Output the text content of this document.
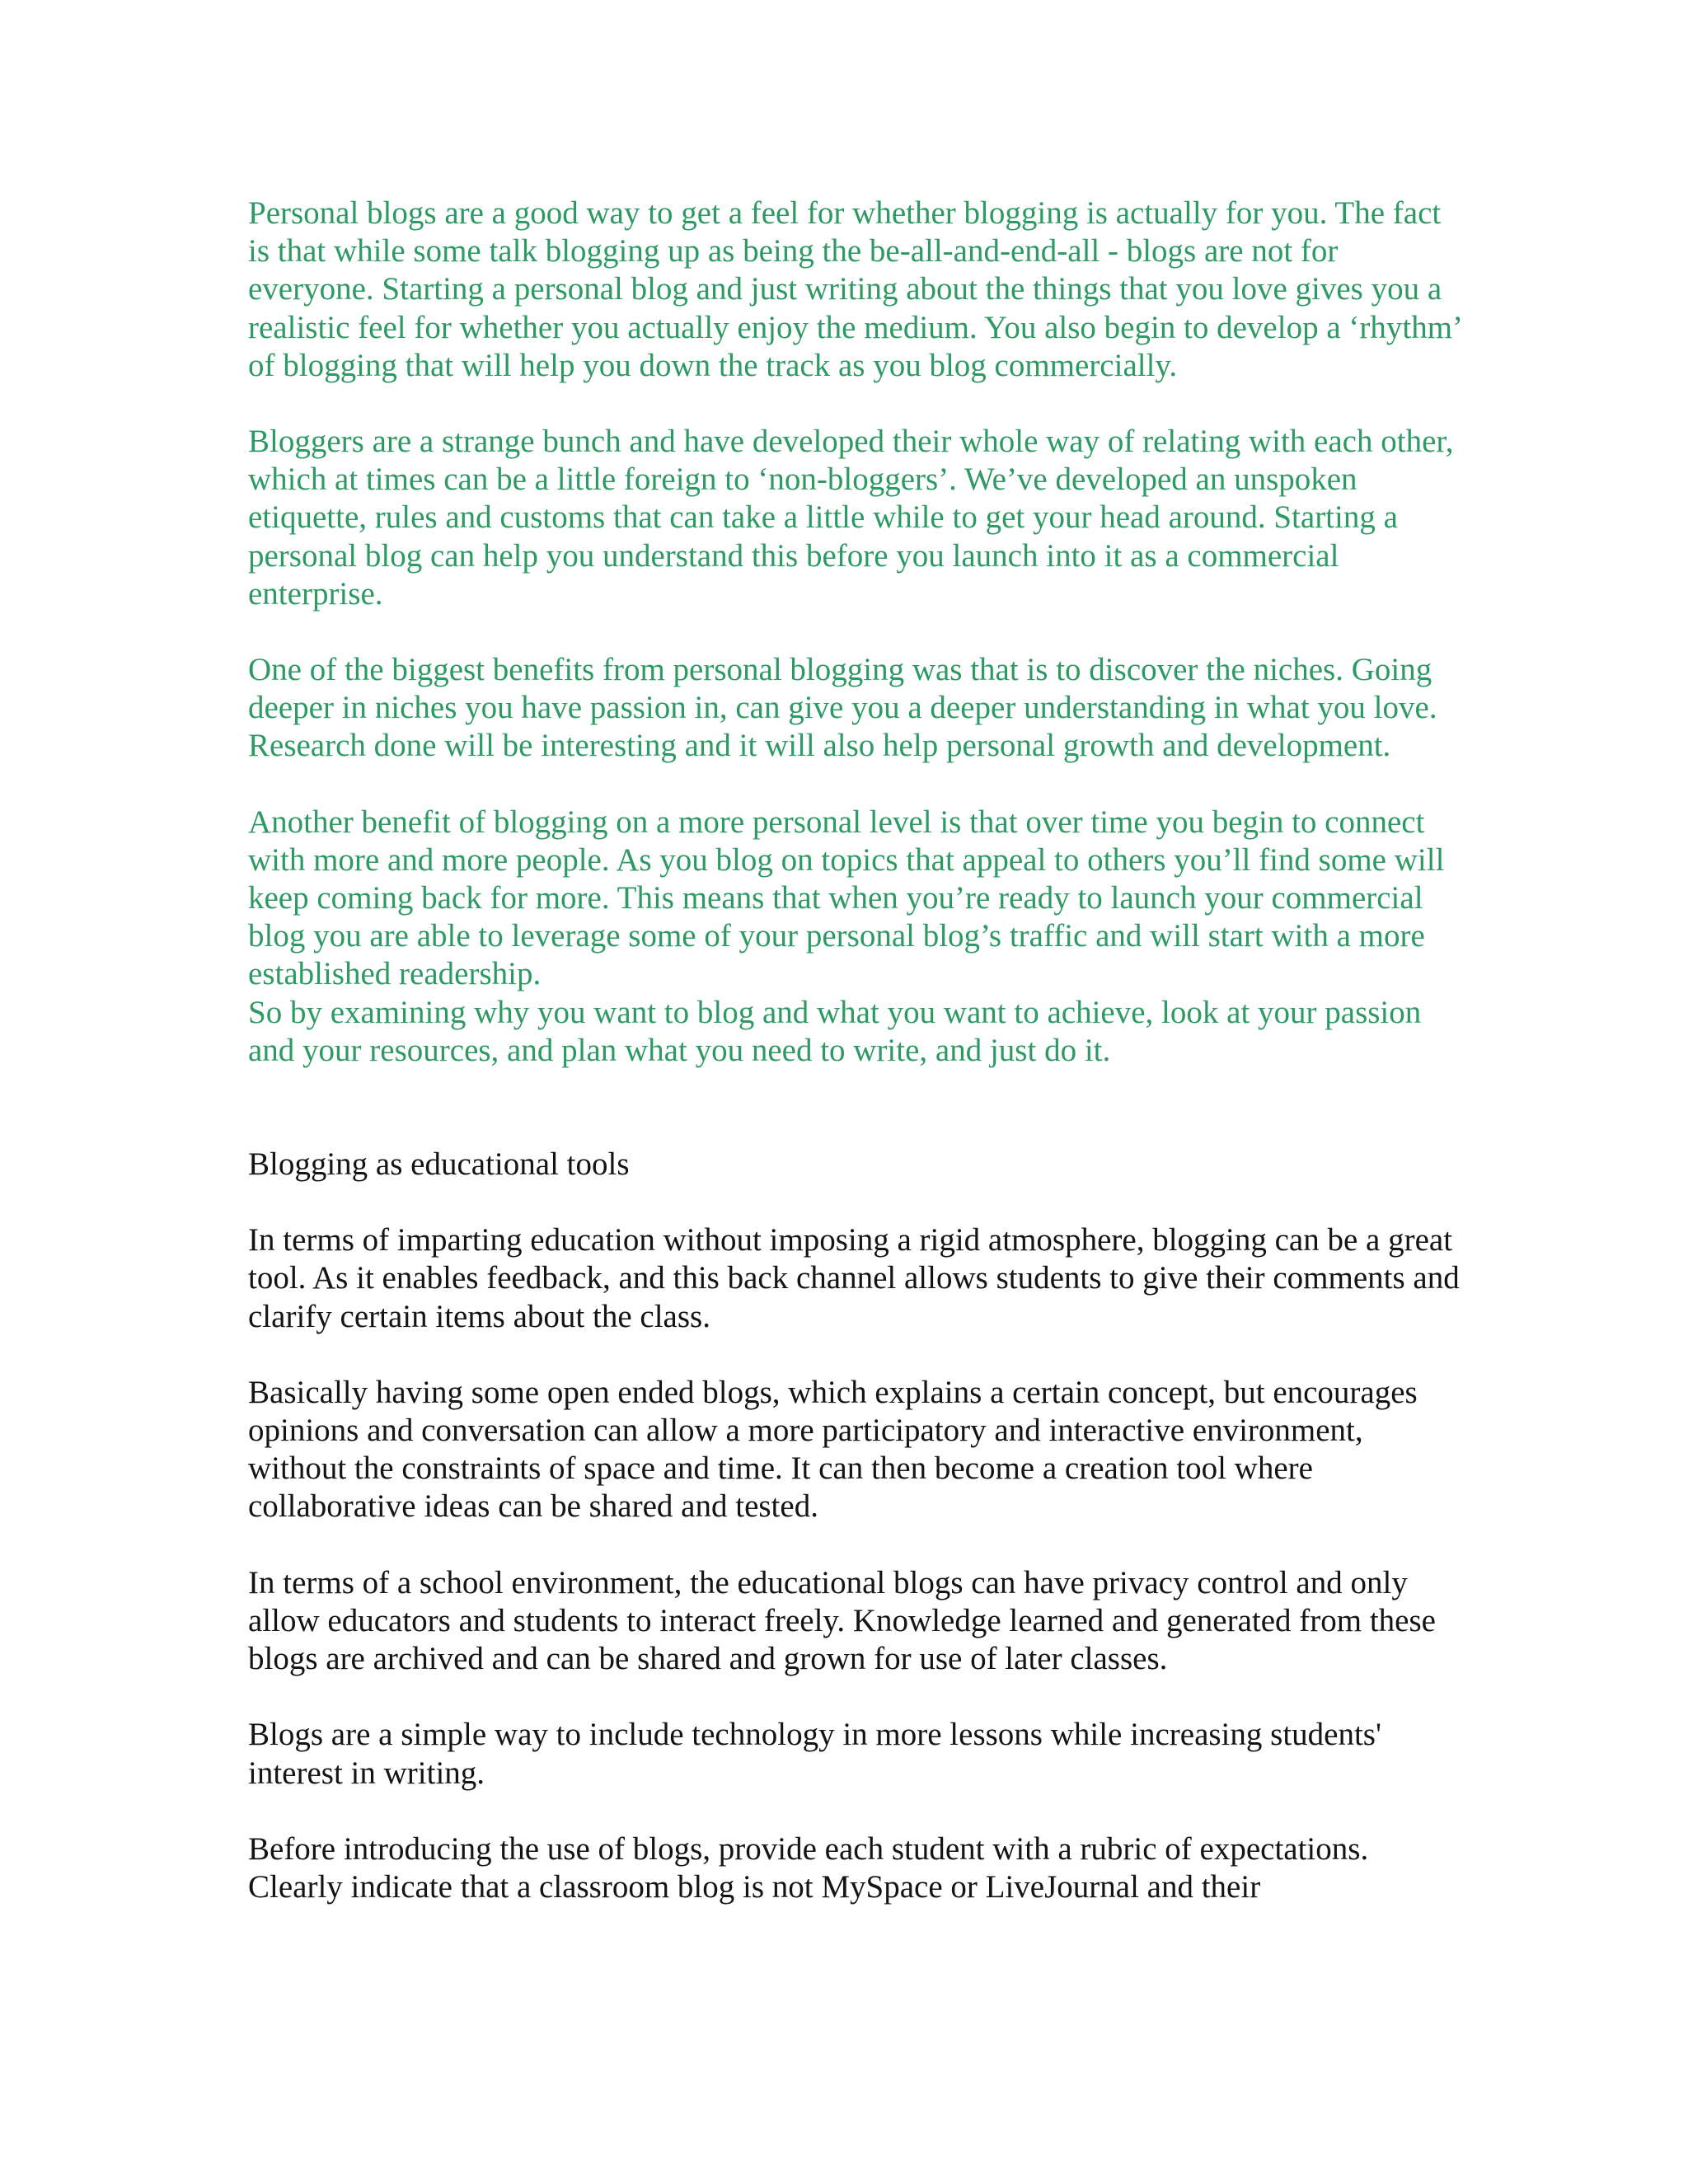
Personal blogs are a good way to get a feel for whether blogging is actually for you. The fact is that while some talk blogging up as being the be-all-and-end-all - blogs are not for everyone. Starting a personal blog and just writing about the things that you love gives you a realistic feel for whether you actually enjoy the medium. You also begin to develop a ‘rhythm’ of blogging that will help you down the track as you blog commercially.

Bloggers are a strange bunch and have developed their whole way of relating with each other, which at times can be a little foreign to ‘non-bloggers’. We’ve developed an unspoken etiquette, rules and customs that can take a little while to get your head around. Starting a personal blog can help you understand this before you launch into it as a commercial enterprise.

One of the biggest benefits from personal blogging was that is to discover the niches. Going deeper in niches you have passion in, can give you a deeper understanding in what you love. Research done will be interesting and it will also help personal growth and development.

Another benefit of blogging on a more personal level is that over time you begin to connect with more and more people. As you blog on topics that appeal to others you’ll find some will keep coming back for more. This means that when you’re ready to launch your commercial blog you are able to leverage some of your personal blog’s traffic and will start with a more established readership.

So by examining why you want to blog and what you want to achieve, look at your passion and your resources, and plan what you need to write, and just do it.

Blogging as educational tools

In terms of imparting education without imposing a rigid atmosphere, blogging can be a great tool. As it enables feedback, and this back channel allows students to give their comments and clarify certain items about the class.

Basically having some open ended blogs, which explains a certain concept, but encourages opinions and conversation can allow a more participatory and interactive environment, without the constraints of space and time. It can then become a creation tool where collaborative ideas can be shared and tested.

In terms of a school environment, the educational blogs can have privacy control and only allow educators and students to interact freely. Knowledge learned and generated from these blogs are archived and can be shared and grown for use of later classes.

Blogs are a simple way to include technology in more lessons while increasing students' interest in writing.

Before introducing the use of blogs, provide each student with a rubric of expectations. Clearly indicate that a classroom blog is not MySpace or LiveJournal and their
